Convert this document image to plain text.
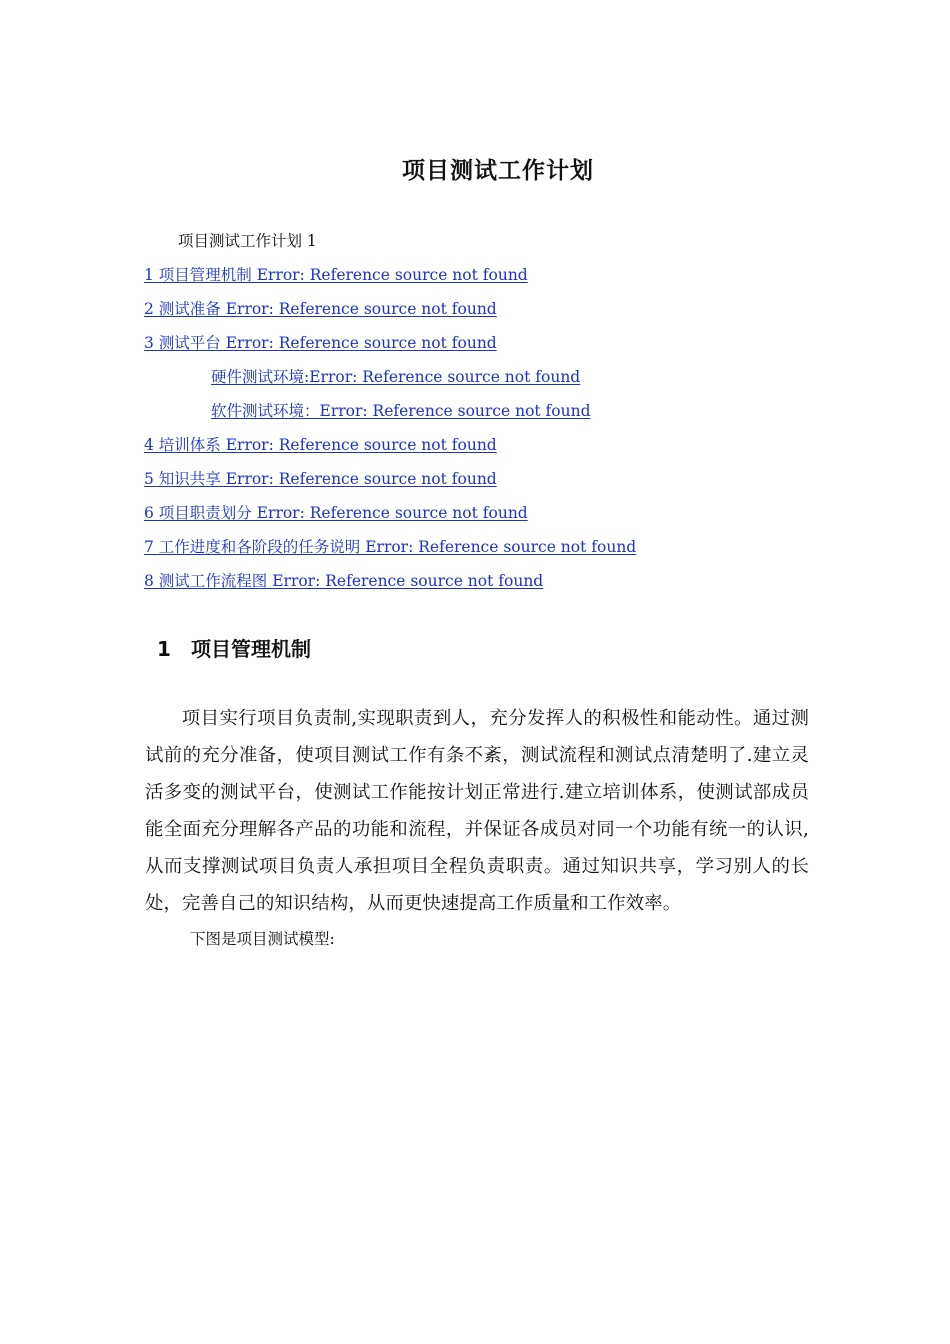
项目测试工作计划
项目测试工作计划 1
1 项目管理机制 Error: Reference source not found
2 测试准备 Error: Reference source not found
3 测试平台 Error: Reference source not found
硬件测试环境:Error: Reference source not found
软件测试环境：Error: Reference source not found
4 培训体系 Error: Reference source not found
5 知识共享 Error: Reference source not found
6 项目职责划分 Error: Reference source not found
7 工作进度和各阶段的任务说明 Error: Reference source not found
8 测试工作流程图 Error: Reference source not found
1 项目管理机制
项目实行项目负责制,实现职责到人，充分发挥人的积极性和能动性。通过测试前的充分准备，使项目测试工作有条不紊，测试流程和测试点清楚明了.建立灵活多变的测试平台，使测试工作能按计划正常进行.建立培训体系，使测试部成员能全面充分理解各产品的功能和流程，并保证各成员对同一个功能有统一的认识,从而支撑测试项目负责人承担项目全程负责职责。通过知识共享，学习别人的长处，完善自己的知识结构，从而更快速提高工作质量和工作效率。
下图是项目测试模型:
